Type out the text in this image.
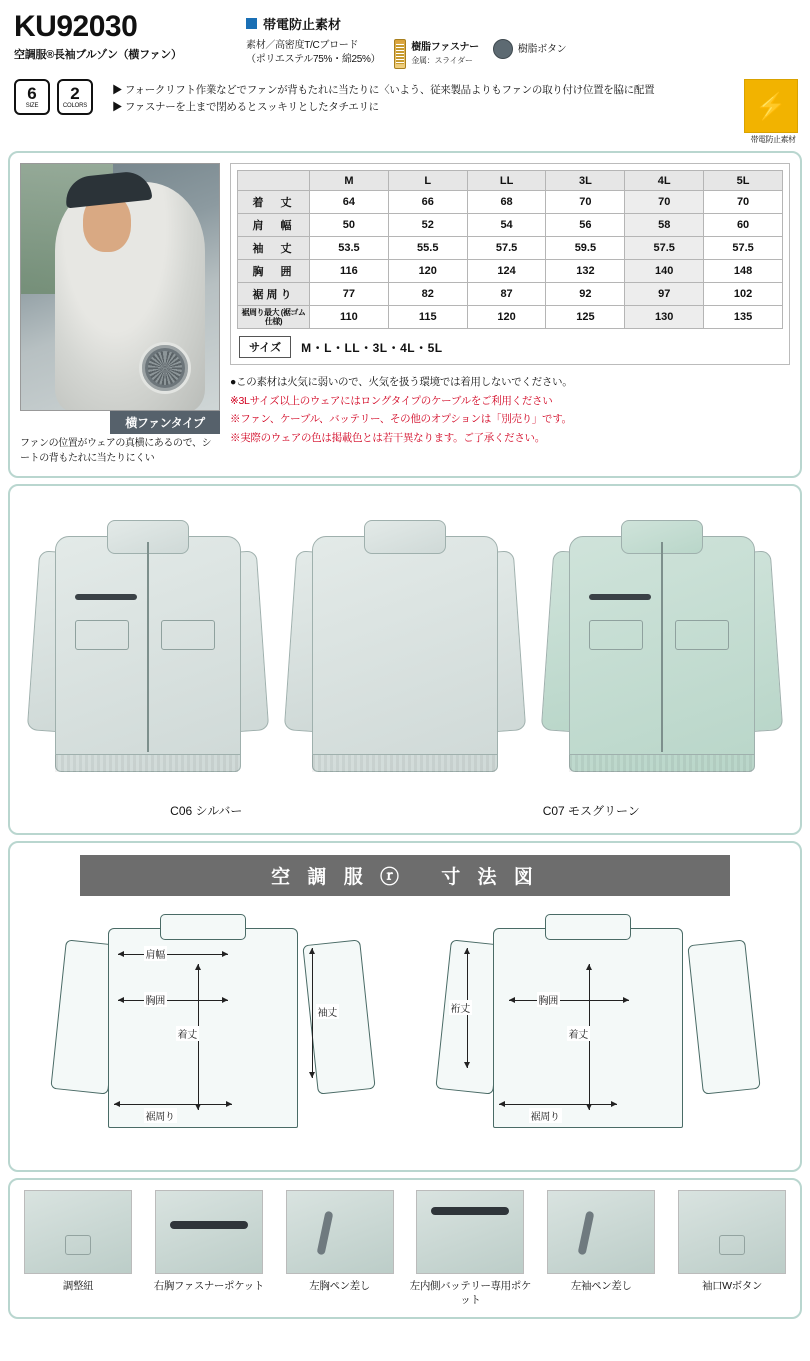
KU92030
空調服®長袖ブルゾン（横ファン）
帯電防止素材
素材／高密度T/Cブロード
（ポリエステル75%・綿25%）
樹脂ファスナー
金属：スライダー
樹脂ボタン
6
SIZE
2
COLORS
▶ フォークリフト作業などでファンが背もたれに当たりに〈いよう、従来製品よりもファンの取り付け位置を脇に配置
▶ ファスナーを上まで閉めるとスッキリとしたタチエリに	⚡
帯電防止素材
横ファンタイプ
ファンの位置がウェアの真横にあるので、シートの背もたれに当たりにくい
	M	L	LL	3L	4L	5L
着　丈	64	66	68	70	70	70
肩　幅	50	52	54	56	58	60
袖　丈	53.5	55.5	57.5	59.5	57.5	57.5
胸　囲	116	120	124	132	140	148
裾周り	77	82	87	92	97	102
裾周り最大 (裾ゴム仕様)	110	115	120	125	130	135
サイズ	M・L・LL・3L・4L・5L
●この素材は火気に弱いので、火気を扱う環境では着用しないでください。
※3Lサイズ以上のウェアにはロングタイプのケーブルをご利用ください
※ファン、ケーブル、バッテリー、その他のオプションは「別売り」です。
※実際のウェアの色は掲載色とは若干異なります。ご了承ください。
C06 シルバー	C07 モスグリーン
空 調 服 ⓡ 　寸 法 図
肩幅
胸囲
袖丈
着丈
裾周り
裄丈
胸囲
着丈
裾周り
調整紐	右胸ファスナーポケット	左胸ペン差し	左内側バッテリー専用ポケット
左袖ペン差し	袖口Wボタン
